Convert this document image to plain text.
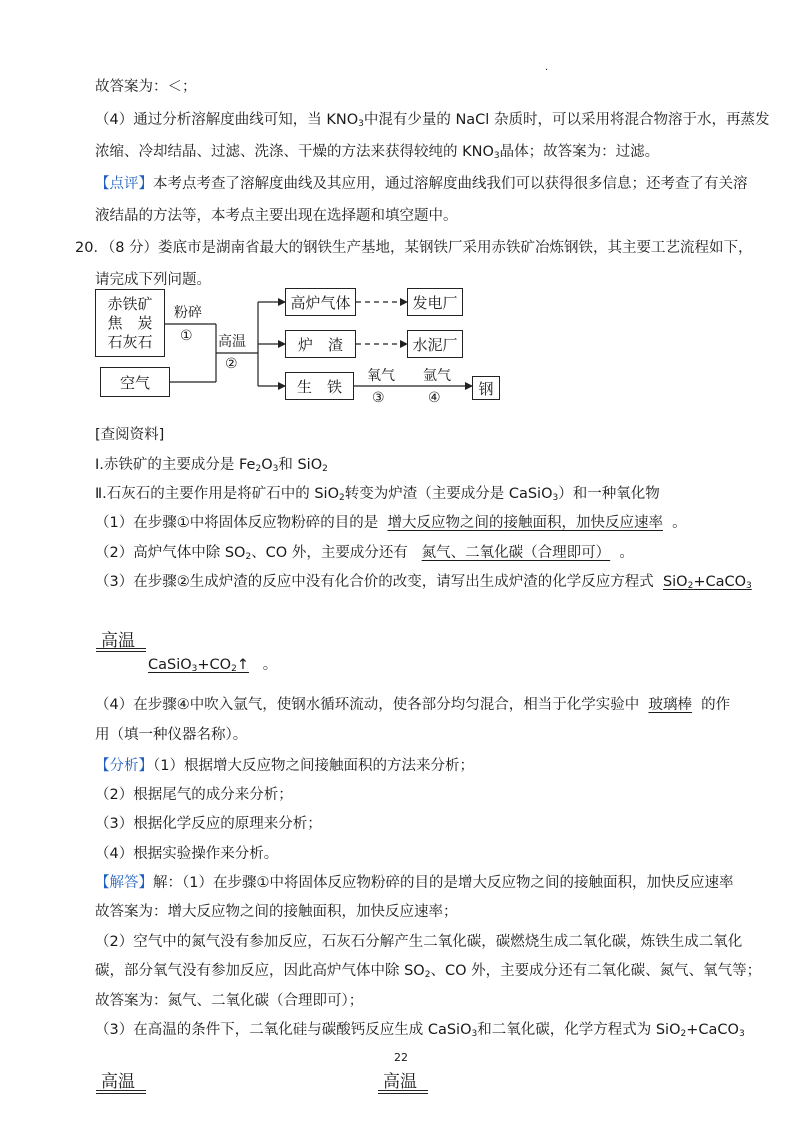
.
故答案为：＜；
（4）通过分析溶解度曲线可知，当 $KNO_3$中混有少量的 NaCl 杂质时，可以采用将混合物溶于水，再蒸发
浓缩、冷却结晶、过滤、洗涤、干燥的方法来获得较纯的 $KNO_3$晶体；故答案为：过滤。
【点评】本考点考查了溶解度曲线及其应用，通过溶解度曲线我们可以获得很多信息；还考查了有关溶
液结晶的方法等，本考点主要出现在选择题和填空题中。
20．（8 分）娄底市是湖南省最大的钢铁生产基地，某钢铁厂采用赤铁矿冶炼钢铁，其主要工艺流程如下，
请完成下列问题。
赤铁矿
焦　炭
石灰石
空气
粉碎
① 高温
②
高炉气体
炉　渣
生　铁
发电厂
水泥厂
氧气
③
氩气
④
钢
[查阅资料]
Ⅰ.赤铁矿的主要成分是 $Fe_2O_3$和 SiO$_2$
Ⅱ.石灰石的主要作用是将矿石中的 SiO$_2$转变为炉渣（主要成分是 CaSiO$_3$）和一种氧化物
（1）在步骤①中将固体反应物粉碎的目的是 增大反应物之间的接触面积，加快反应速率 。
（2）高炉气体中除 $SO_2$、CO 外，主要成分还有 氮气、二氧化碳（合理即可） 。
（3）在步骤②生成炉渣的反应中没有化合价的改变，请写出生成炉渣的化学反应方程式 SiO$_2$+CaCO$_3$
高温
$CaSiO_3+CO_2↑$ 。
（4）在步骤④中吹入氩气，使钢水循环流动，使各部分均匀混合，相当于化学实验中 玻璃棒 的作
用（填一种仪器名称）。
【分析】（1）根据增大反应物之间接触面积的方法来分析；
（2）根据尾气的成分来分析；
（3）根据化学反应的原理来分析；
（4）根据实验操作来分析。
【解答】解：（1）在步骤①中将固体反应物粉碎的目的是增大反应物之间的接触面积，加快反应速率
故答案为：增大反应物之间的接触面积，加快反应速率；
（2）空气中的氮气没有参加反应，石灰石分解产生二氧化碳，碳燃烧生成二氧化碳，炼铁生成二氧化
碳，部分氧气没有参加反应，因此高炉气体中除 $SO_2$、CO 外，主要成分还有二氧化碳、氮气、氧气等；
故答案为：氮气、二氧化碳（合理即可）；
（3）在高温的条件下，二氧化硅与碳酸钙反应生成 CaSiO$_3$和二氧化碳，化学方程式为 SiO$_2$+CaCO$_3$
22
高温	高温
